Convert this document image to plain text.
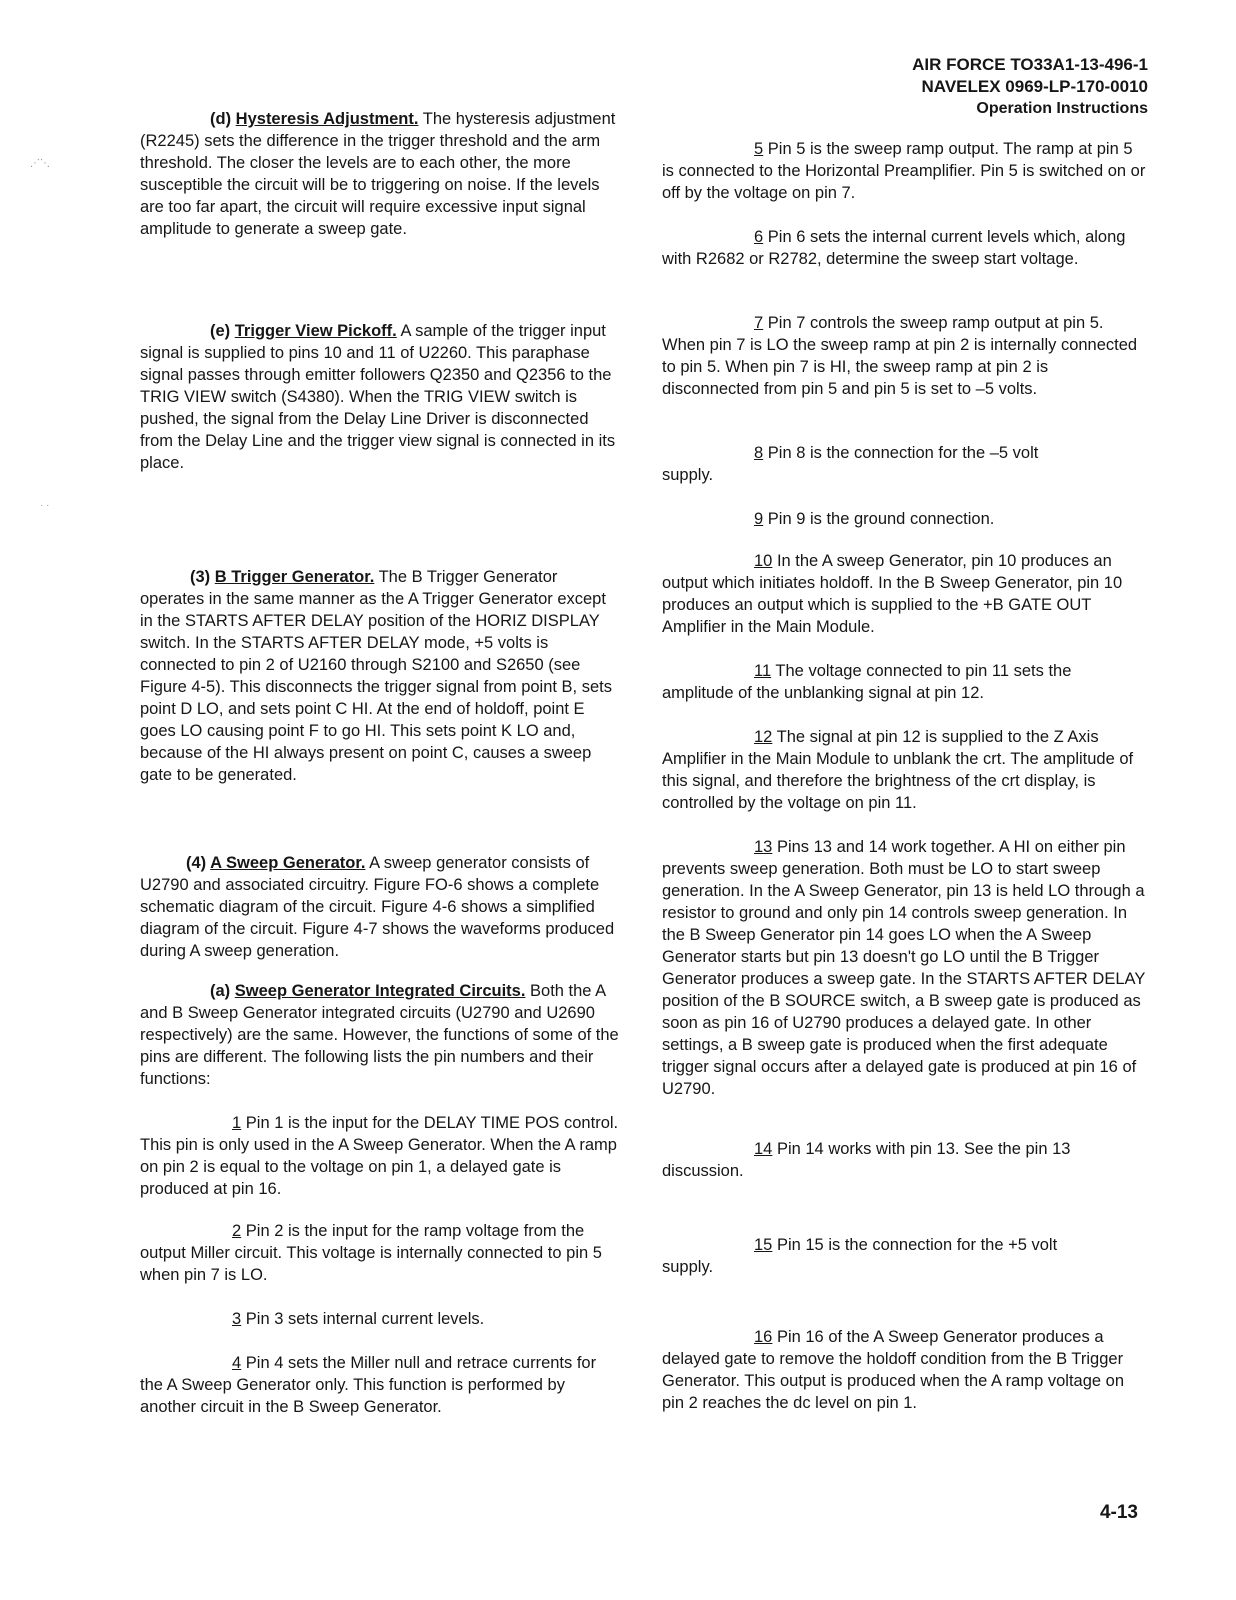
AIR FORCE TO33A1-13-496-1
NAVELEX 0969-LP-170-0010
Operation Instructions
⋰⋱
· ·

(d) Hysteresis Adjustment. The hysteresis adjustment (R2245) sets the difference in the trigger threshold and the arm threshold. The closer the levels are to each other, the more susceptible the circuit will be to triggering on noise. If the levels are too far apart, the circuit will require excessive input signal amplitude to generate a sweep gate.

(e) Trigger View Pickoff. A sample of the trigger input signal is supplied to pins 10 and 11 of U2260. This paraphase signal passes through emitter followers Q2350 and Q2356 to the TRIG VIEW switch (S4380). When the TRIG VIEW switch is pushed, the signal from the Delay Line Driver is disconnected from the Delay Line and the trigger view signal is connected in its place.

(3) B Trigger Generator. The B Trigger Generator operates in the same manner as the A Trigger Generator except in the STARTS AFTER DELAY position of the HORIZ DISPLAY switch. In the STARTS AFTER DELAY mode, +5 volts is connected to pin 2 of U2160 through S2100 and S2650 (see Figure 4-5). This disconnects the trigger signal from point B, sets point D LO, and sets point C HI. At the end of holdoff, point E goes LO causing point F to go HI. This sets point K LO and, because of the HI always present on point C, causes a sweep gate to be generated.

(4) A Sweep Generator. A sweep generator consists of U2790 and associated circuitry. Figure FO-6 shows a complete schematic diagram of the circuit. Figure 4-6 shows a simplified diagram of the circuit. Figure 4-7 shows the waveforms produced during A sweep generation.

(a) Sweep Generator Integrated Circuits. Both the A and B Sweep Generator integrated circuits (U2790 and U2690 respectively) are the same. However, the functions of some of the pins are different. The following lists the pin numbers and their functions:

1 Pin 1 is the input for the DELAY TIME POS control. This pin is only used in the A Sweep Generator. When the A ramp on pin 2 is equal to the voltage on pin 1, a delayed gate is produced at pin 16.

2 Pin 2 is the input for the ramp voltage from the output Miller circuit. This voltage is internally connected to pin 5 when pin 7 is LO.

3 Pin 3 sets internal current levels.

4 Pin 4 sets the Miller null and retrace currents for the A Sweep Generator only. This function is performed by another circuit in the B Sweep Generator.

5 Pin 5 is the sweep ramp output. The ramp at pin 5 is connected to the Horizontal Preamplifier. Pin 5 is switched on or off by the voltage on pin 7.

6 Pin 6 sets the internal current levels which, along with R2682 or R2782, determine the sweep start voltage.

7 Pin 7 controls the sweep ramp output at pin 5. When pin 7 is LO the sweep ramp at pin 2 is internally connected to pin 5. When pin 7 is HI, the sweep ramp at pin 2 is disconnected from pin 5 and pin 5 is set to –5 volts.

8 Pin 8 is the connection for the –5 volt
supply.

9 Pin 9 is the ground connection.

10 In the A sweep Generator, pin 10 produces an output which initiates holdoff. In the B Sweep Generator, pin 10 produces an output which is supplied to the +B GATE OUT Amplifier in the Main Module.

11 The voltage connected to pin 11 sets the amplitude of the unblanking signal at pin 12.

12 The signal at pin 12 is supplied to the Z Axis Amplifier in the Main Module to unblank the crt. The amplitude of this signal, and therefore the brightness of the crt display, is controlled by the voltage on pin 11.

13 Pins 13 and 14 work together. A HI on either pin prevents sweep generation. Both must be LO to start sweep generation. In the A Sweep Generator, pin 13 is held LO through a resistor to ground and only pin 14 controls sweep generation. In the B Sweep Generator pin 14 goes LO when the A Sweep Generator starts but pin 13 doesn't go LO until the B Trigger Generator produces a sweep gate. In the STARTS AFTER DELAY position of the B SOURCE switch, a B sweep gate is produced as soon as pin 16 of U2790 produces a delayed gate. In other settings, a B sweep gate is produced when the first adequate trigger signal occurs after a delayed gate is produced at pin 16 of U2790.

14 Pin 14 works with pin 13. See the pin 13
discussion.

15 Pin 15 is the connection for the +5 volt
supply.

16 Pin 16 of the A Sweep Generator produces a delayed gate to remove the holdoff condition from the B Trigger Generator. This output is produced when the A ramp voltage on pin 2 reaches the dc level on pin 1.

4-13
